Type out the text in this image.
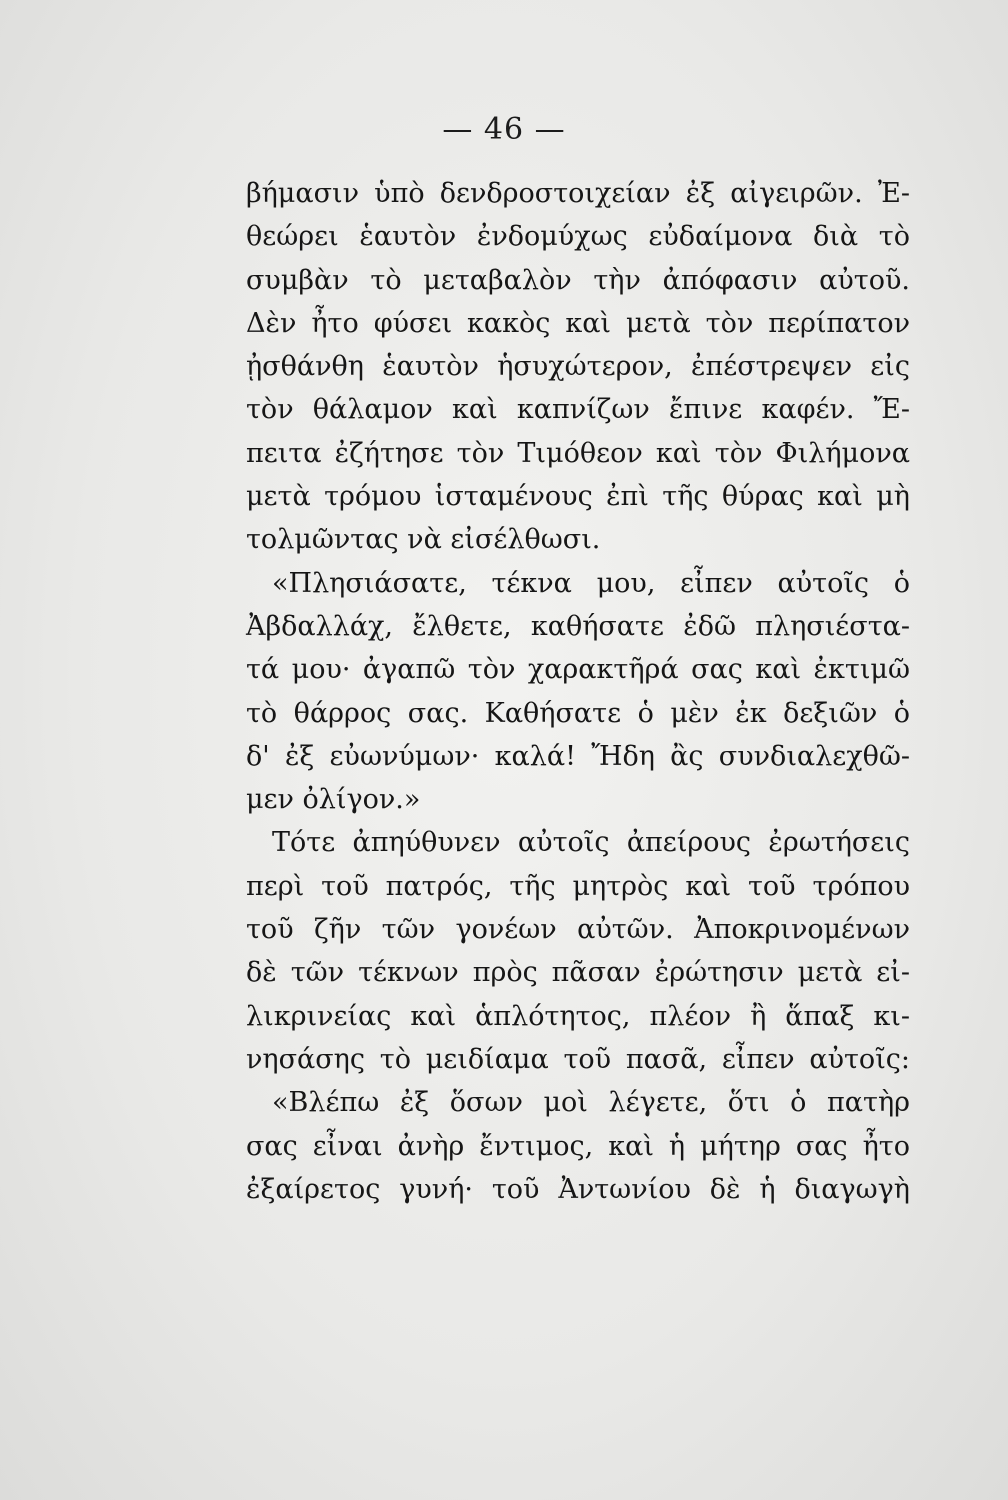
— 46 —
βήμασιν ὑπὸ δενδροστοιχείαν ἐξ αἰγειρῶν. Ἐ-
θεώρει ἑαυτὸν ἐνδομύχως εὐδαίμονα διὰ τὸ
συμβὰν τὸ μεταβαλὸν τὴν ἀπόφασιν αὐτοῦ.
Δὲν ἦτο φύσει κακὸς καὶ μετὰ τὸν περίπατον
ᾐσθάνθη ἑαυτὸν ἡσυχώτερον, ἐπέστρεψεν εἰς
τὸν θάλαμον καὶ καπνίζων ἔπινε καφέν. Ἔ-
πειτα ἐζήτησε τὸν Τιμόθεον καὶ τὸν Φιλήμονα
μετὰ τρόμου ἱσταμένους ἐπὶ τῆς θύρας καὶ μὴ
τολμῶντας νὰ εἰσέλθωσι.
«Πλησιάσατε, τέκνα μου, εἶπεν αὐτοῖς ὁ
Ἀβδαλλάχ, ἔλθετε, καθήσατε ἐδῶ πλησιέστα-
τά μου· ἀγαπῶ τὸν χαρακτῆρά σας καὶ ἐκτιμῶ
τὸ θάρρος σας. Καθήσατε ὁ μὲν ἐκ δεξιῶν ὁ
δ' ἐξ εὐωνύμων· καλά! Ἤδη ἂς συνδιαλεχθῶ-
μεν ὀλίγον.»
Τότε ἀπηύθυνεν αὐτοῖς ἀπείρους ἐρωτήσεις
περὶ τοῦ πατρός, τῆς μητρὸς καὶ τοῦ τρόπου
τοῦ ζῆν τῶν γονέων αὐτῶν. Ἀποκρινομένων
δὲ τῶν τέκνων πρὸς πᾶσαν ἐρώτησιν μετὰ εἰ-
λικρινείας καὶ ἁπλότητος, πλέον ἢ ἅπαξ κι-
νησάσης τὸ μειδίαμα τοῦ πασᾶ, εἶπεν αὐτοῖς:
«Βλέπω ἐξ ὅσων μοὶ λέγετε, ὅτι ὁ πατὴρ
σας εἶναι ἀνὴρ ἔντιμος, καὶ ἡ μήτηρ σας ἦτο
ἐξαίρετος γυνή· τοῦ Ἀντωνίου δὲ ἡ διαγωγὴ
